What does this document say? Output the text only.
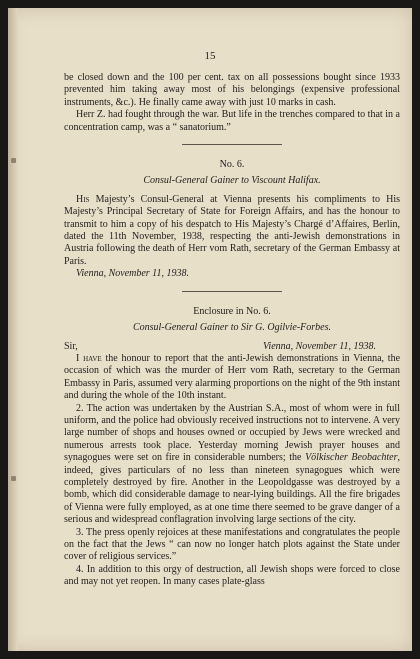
15

be closed down and the 100 per cent. tax on all possessions bought since 1933 prevented him taking away most of his belongings (expensive professional instruments, &c.). He finally came away with just 10 marks in cash.

Herr Z. had fought through the war. But life in the trenches compared to that in a concentration camp, was a “ sanatorium.”

No. 6.

Consul-General Gainer to Viscount Halifax.

His Majesty’s Consul-General at Vienna presents his compliments to His Majesty’s Principal Secretary of State for Foreign Affairs, and has the honour to transmit to him a copy of his despatch to His Majesty’s Chargé d’Affaires, Berlin, dated the 11th November, 1938, respecting the anti-Jewish demonstrations in Austria following the death of Herr vom Rath, secretary of the German Embassy at Paris.

Vienna, November 11, 1938.

Enclosure in No. 6.

Consul-General Gainer to Sir G. Ogilvie-Forbes.

Sir,	Vienna, November 11, 1938.

I have the honour to report that the anti-Jewish demonstrations in Vienna, the occasion of which was the murder of Herr vom Rath, secretary to the German Embassy in Paris, assumed very alarming proportions on the night of the 9th instant and during the whole of the 10th instant.

2. The action was undertaken by the Austrian S.A., most of whom were in full uniform, and the police had obviously received instructions not to intervene. A very large number of shops and houses owned or occupied by Jews were wrecked and numerous arrests took place. Yesterday morning Jewish prayer houses and synagogues were set on fire in considerable numbers; the Völkischer Beobachter, indeed, gives particulars of no less than nineteen synagogues which were completely destroyed by fire. Another in the Leopoldgasse was destroyed by a bomb, which did considerable damage to near-lying buildings. All the fire brigades of Vienna were fully employed, as at one time there seemed to be grave danger of a serious and widespread conflagration involving large sections of the city.

3. The press openly rejoices at these manifestations and congratulates the people on the fact that the Jews “ can now no longer hatch plots against the State under cover of religious services.”

4. In addition to this orgy of destruction, all Jewish shops were forced to close and may not yet reopen. In many cases plate-glass
